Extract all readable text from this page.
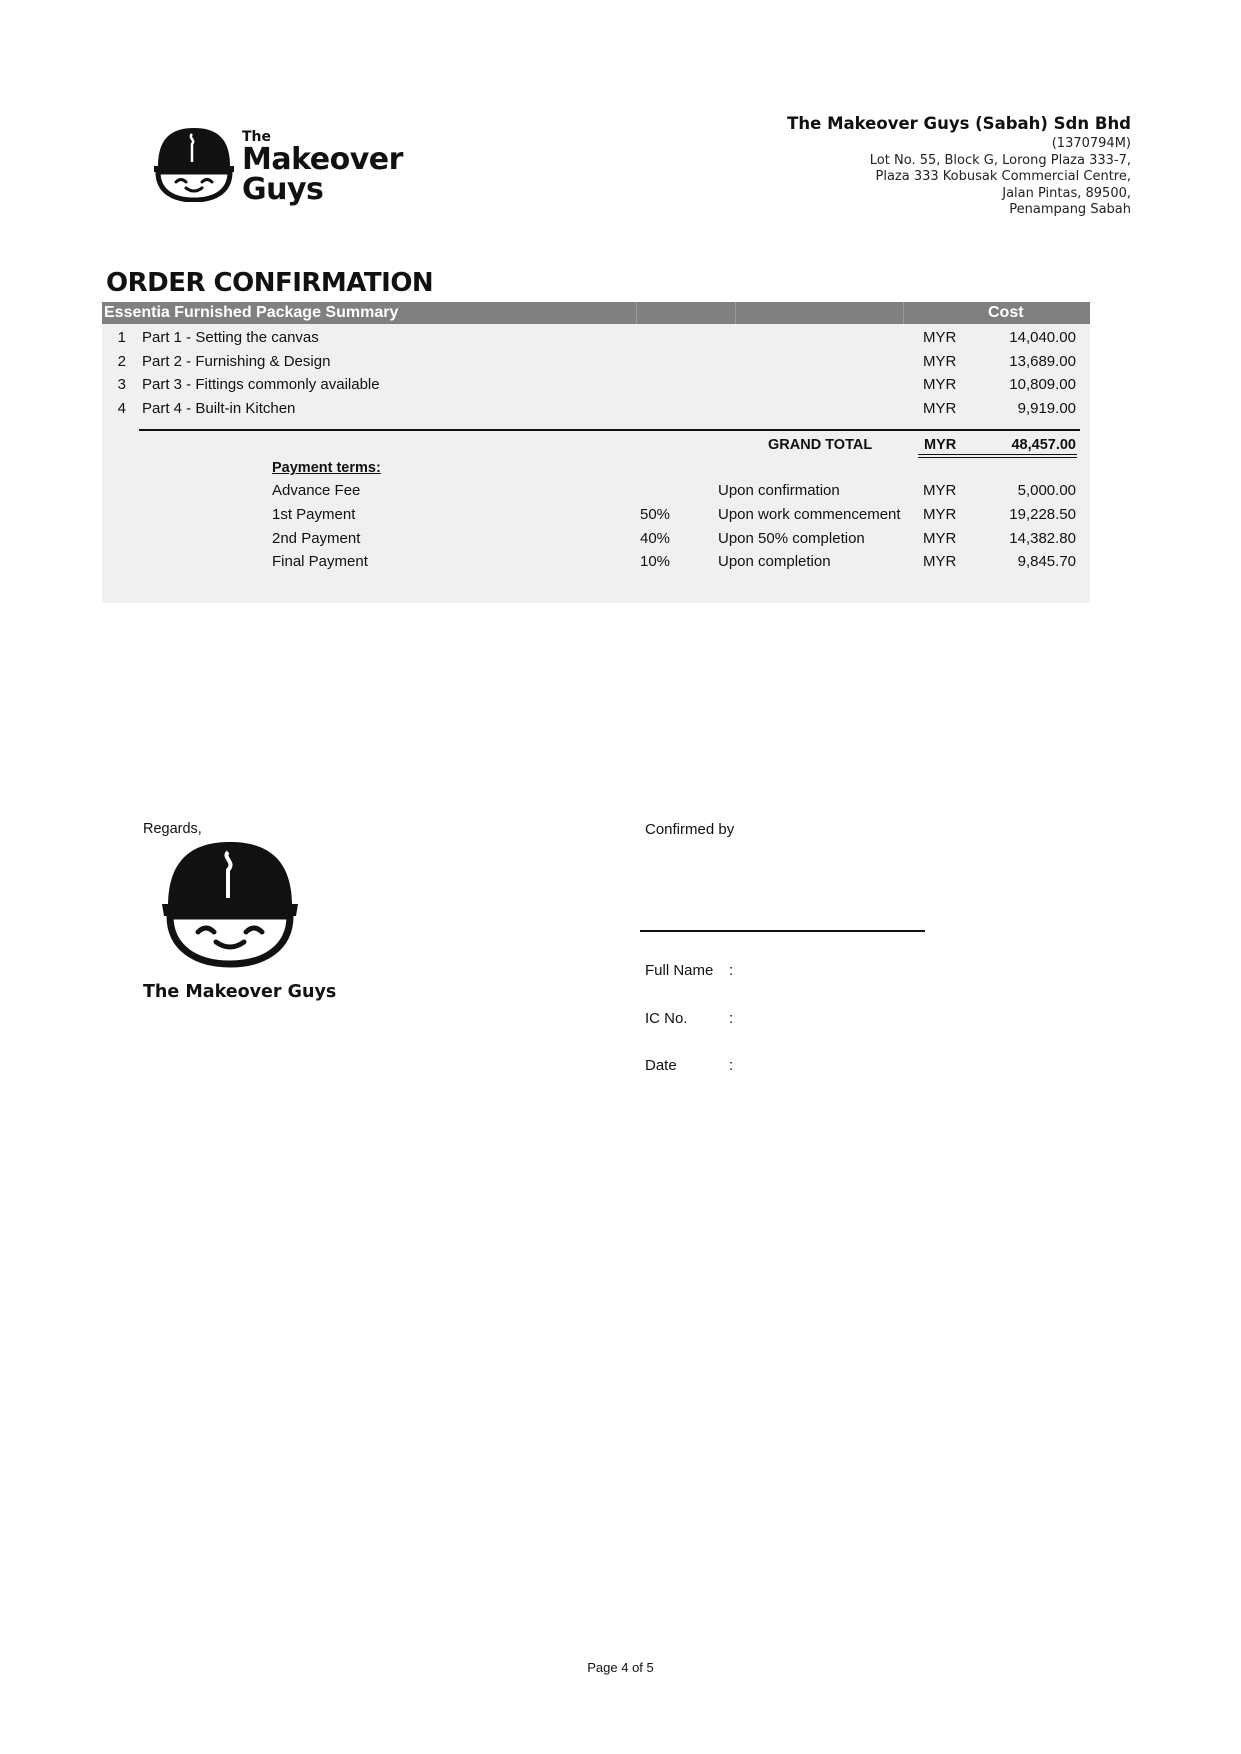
The
Makeover
Guys
The Makeover Guys (Sabah) Sdn Bhd
(1370794M)
Lot No. 55, Block G, Lorong Plaza 333-7,
Plaza 333 Kobusak Commercial Centre,
Jalan Pintas, 89500,
Penampang Sabah
ORDER CONFIRMATION
Essentia Furnished Package Summary	Cost
1 Part 1 - Setting the canvas	MYR	14,040.00
2 Part 2 - Furnishing & Design	MYR	13,689.00
3 Part 3 - Fittings commonly available	MYR	10,809.00
4 Part 4 - Built-in Kitchen	MYR	9,919.00
GRAND TOTAL	MYR	48,457.00
Payment terms:
Advance Fee	Upon confirmation	MYR	5,000.00
1st Payment	50%	Upon work commencement	MYR	19,228.50
2nd Payment	40%	Upon 50% completion	MYR	14,382.80
Final Payment	10%	Upon completion	MYR	9,845.70
Regards,
The Makeover Guys
Confirmed by
Full Name :
IC No.	:
Date	:
Page 4 of 5
